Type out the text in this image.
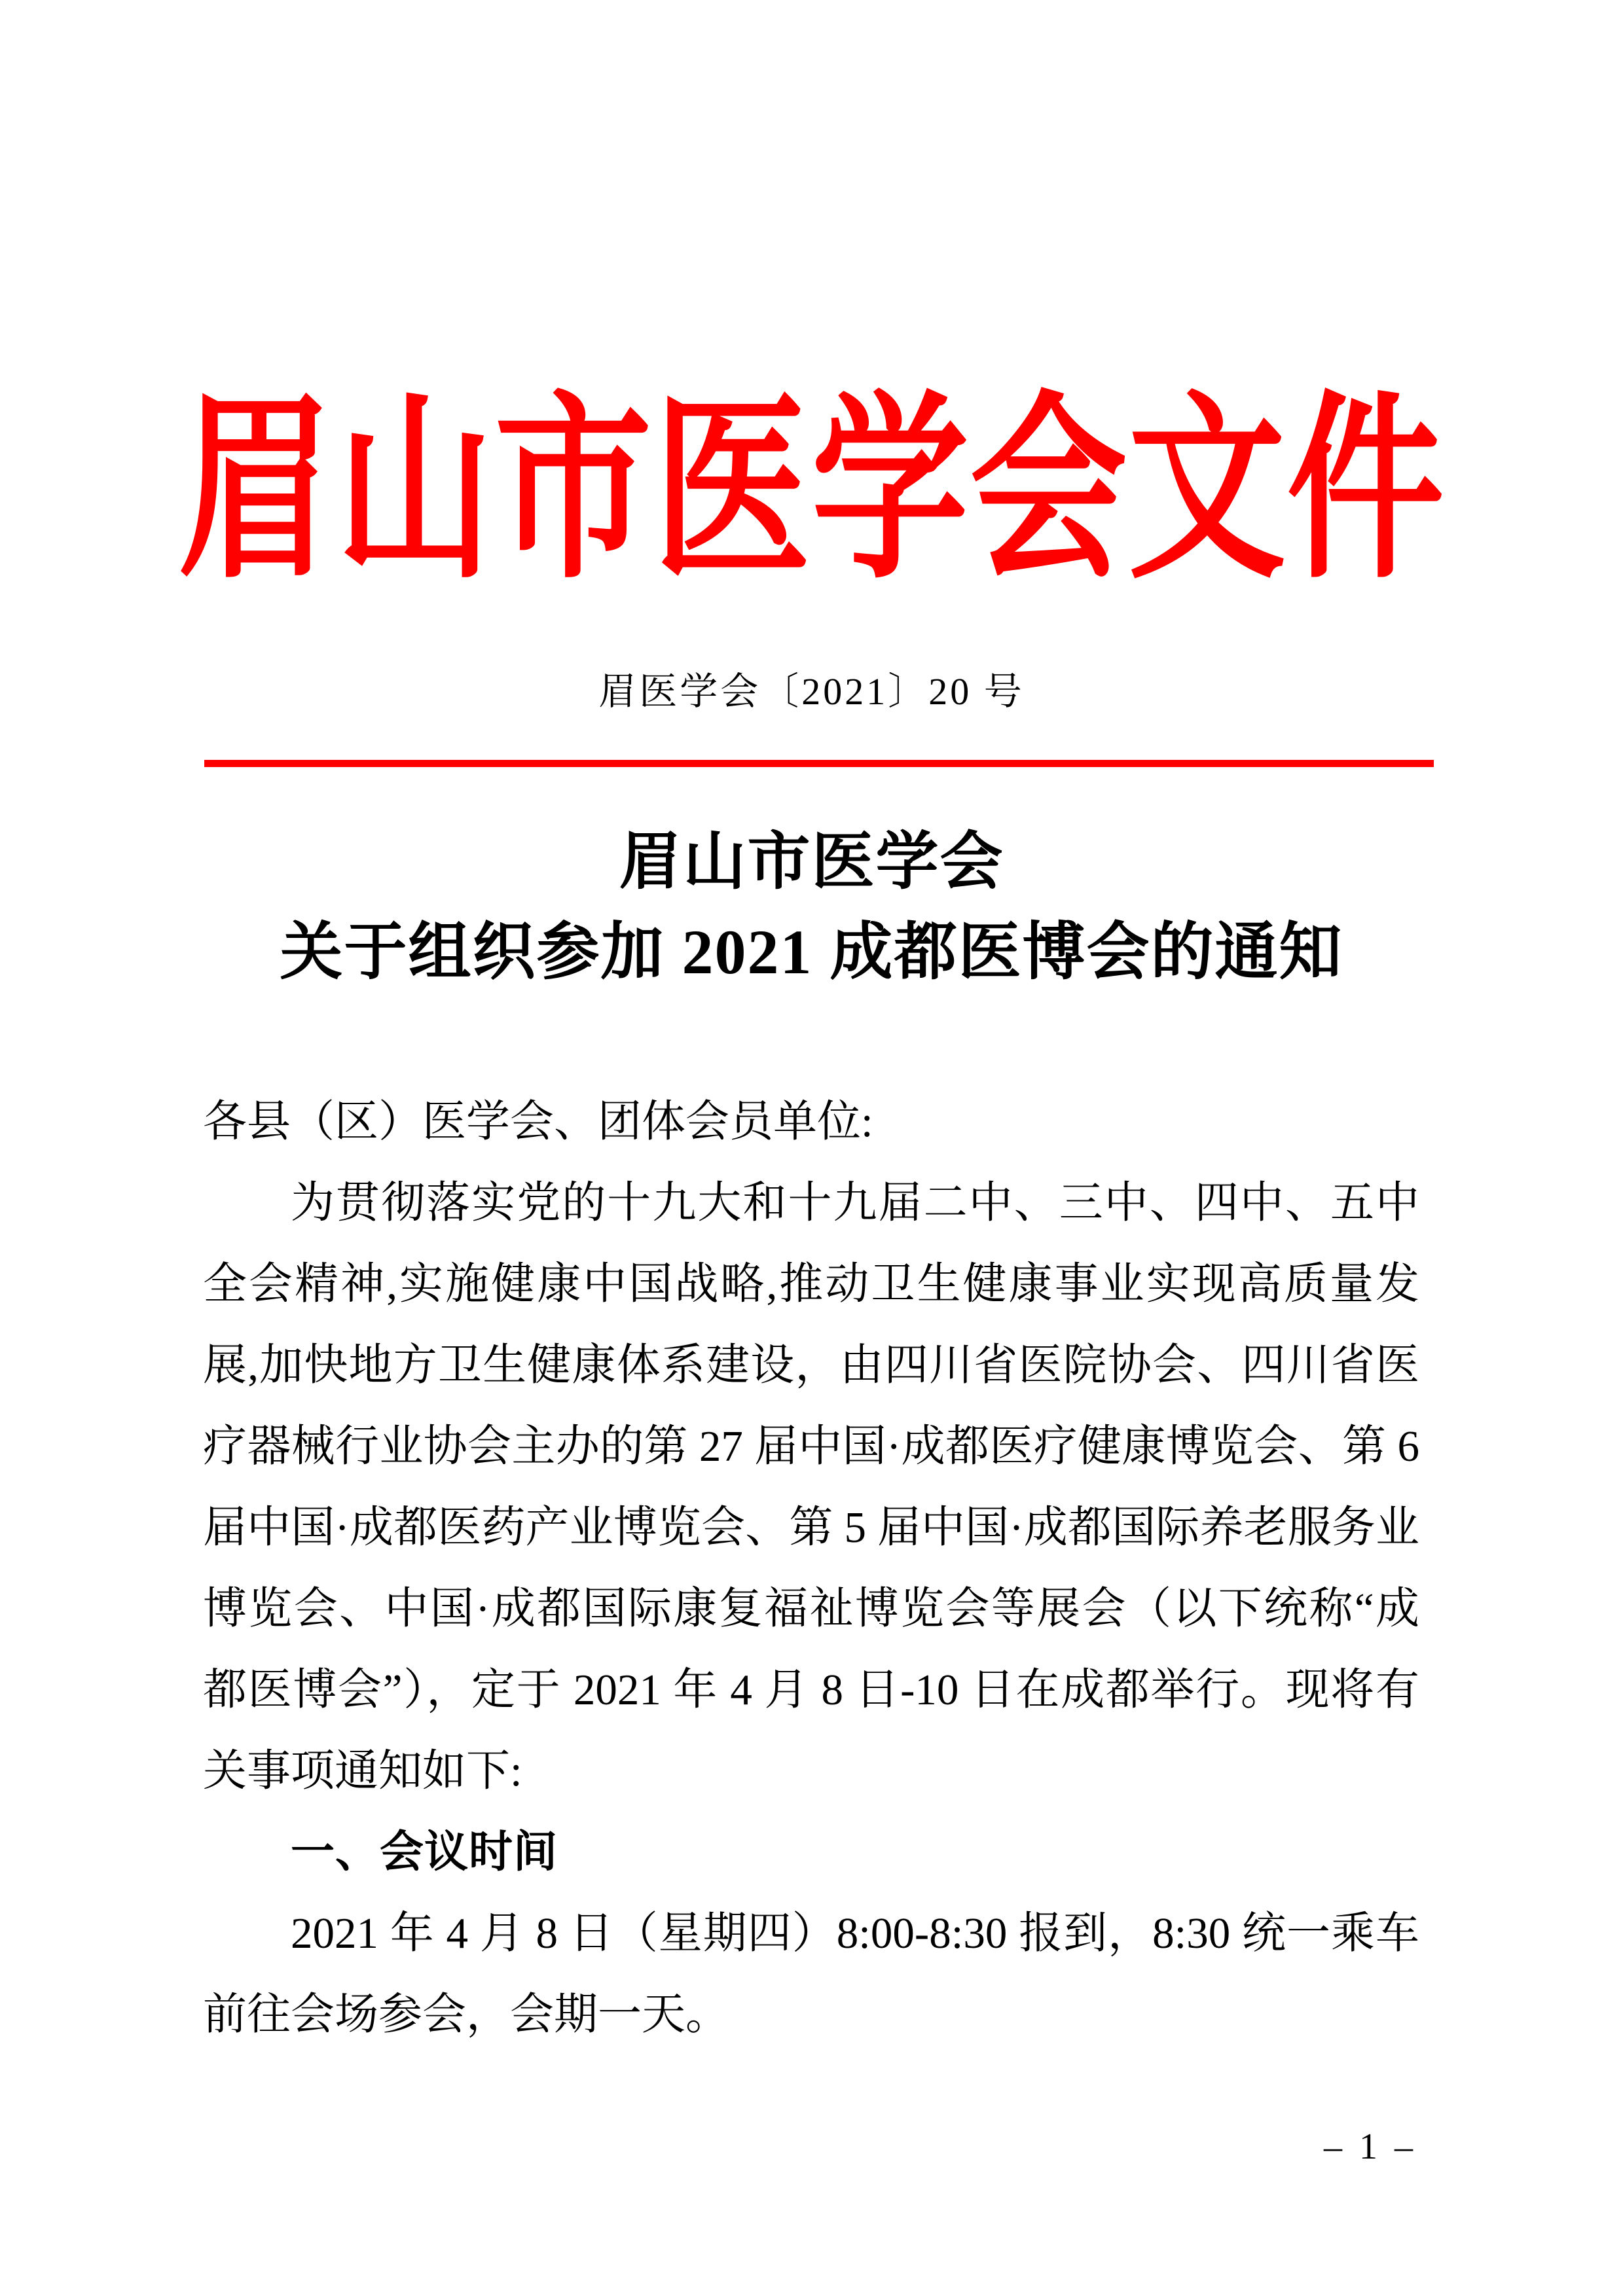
眉山市医学会文件
眉医学会〔2021〕20 号
眉山市医学会
关于组织参加 2021 成都医博会的通知

各县（区）医学会、团体会员单位:

为贯彻落实党的十九大和十九届二中、三中、四中、五中全会精神,实施健康中国战略,推动卫生健康事业实现高质量发展,加快地方卫生健康体系建设，由四川省医院协会、四川省医疗器械行业协会主办的第 27 届中国·成都医疗健康博览会、第 6 届中国·成都医药产业博览会、第 5 届中国·成都国际养老服务业博览会、中国·成都国际康复福祉博览会等展会（以下统称“成都医博会”），定于 2021 年 4 月 8 日-10 日在成都举行。现将有关事项通知如下:

一、会议时间

2021 年 4 月 8 日（星期四）8:00-8:30 报到，8:30 统一乘车前往会场参会，会期一天。

– 1 –
